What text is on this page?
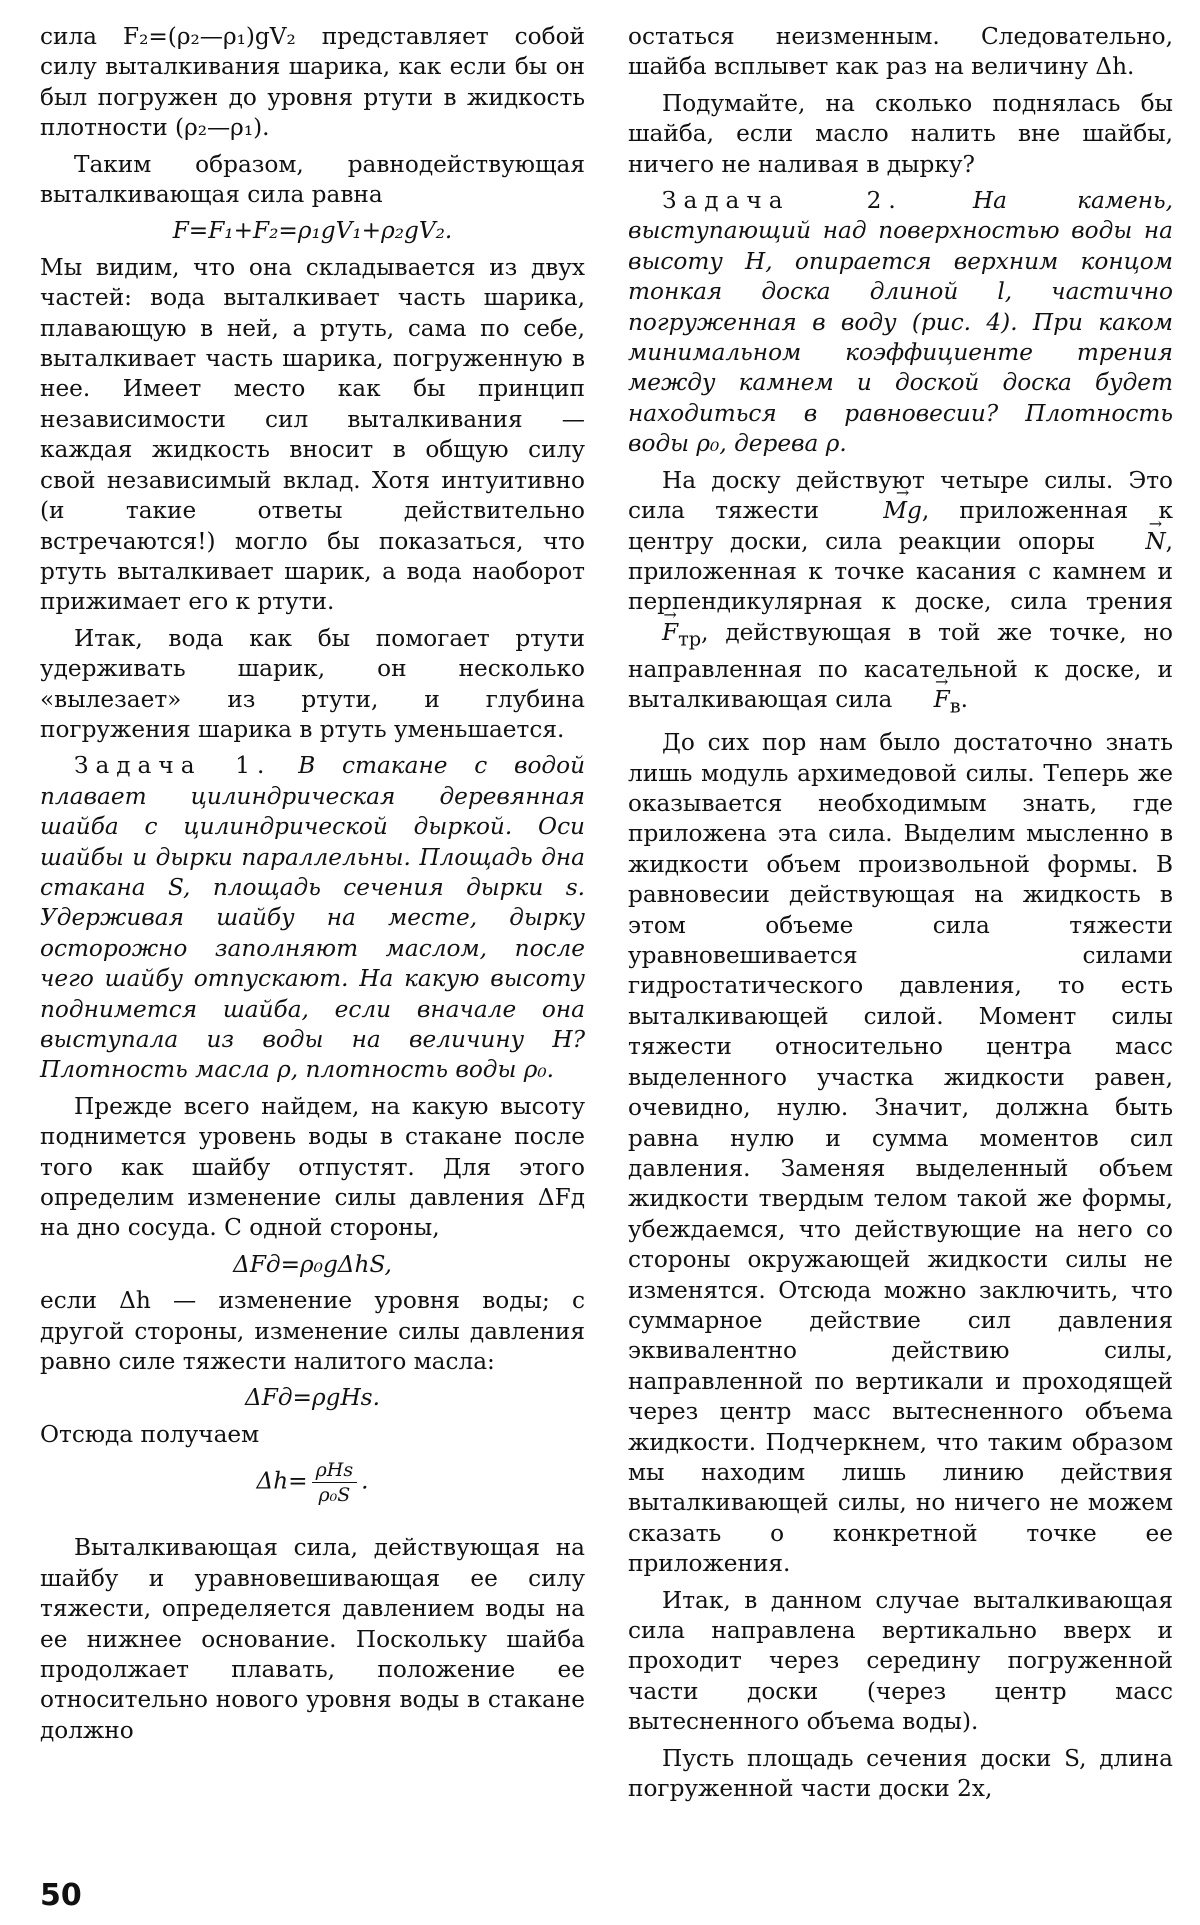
сила F₂=(ρ₂—ρ₁)gV₂ представляет собой силу выталкивания шарика, как если бы он был погружен до уровня ртути в жидкость плотности (ρ₂—ρ₁).

Таким образом, равнодействующая выталкивающая сила равна

F=F₁+F₂=ρ₁gV₁+ρ₂gV₂.

Мы видим, что она складывается из двух частей: вода выталкивает часть шарика, плавающую в ней, а ртуть, сама по себе, выталкивает часть шарика, погруженную в нее. Имеет место как бы принцип независимости сил выталкивания — каждая жидкость вносит в общую силу свой независимый вклад. Хотя интуитивно (и такие ответы действительно встречаются!) могло бы показаться, что ртуть выталкивает шарик, а вода наоборот прижимает его к ртути.

Итак, вода как бы помогает ртути удерживать шарик, он несколько «вылезает» из ртути, и глубина погружения шарика в ртуть уменьшается.

Задача 1. В стакане с водой плавает цилиндрическая деревянная шайба с цилиндрической дыркой. Оси шайбы и дырки параллельны. Площадь дна стакана S, площадь сечения дырки s. Удерживая шайбу на месте, дырку осторожно заполняют маслом, после чего шайбу отпускают. На какую высоту поднимется шайба, если вначале она выступала из воды на величину H? Плотность масла ρ, плотность воды ρ₀.

Прежде всего найдем, на какую высоту поднимется уровень воды в стакане после того как шайбу отпустят. Для этого определим изменение силы давления ΔFд на дно сосуда. С одной стороны,

ΔFд=ρ₀gΔhS,

если Δh — изменение уровня воды; с другой стороны, изменение силы давления равно силе тяжести налитого масла:

ΔFд=ρgHs.

Отсюда получаем

$\Delta h= \frac{\text{ρHs}}{\text{ρ₀S}}$ .

Выталкивающая сила, действующая на шайбу и уравновешивающая ее силу тяжести, определяется давлением воды на ее нижнее основание. Поскольку шайба продолжает плавать, положение ее относительно нового уровня воды в стакане должно

остаться неизменным. Следовательно, шайба всплывет как раз на величину Δh.

Подумайте, на сколько поднялась бы шайба, если масло налить вне шайбы, ничего не наливая в дырку?

Задача 2.	На камень, выступающий над поверхностью воды на высоту H, опирается верхним концом тонкая доска длиной l, частично погруженная в воду (рис. 4). При каком минимальном коэффициенте трения между камнем и доской доска будет находиться в равновесии? Плотность воды ρ₀, дерева ρ.

На доску действуют четыре силы. Это сила тяжести Mg →, приложенная к центру доски, сила реакции опоры N →, приложенная к точке касания с камнем и перпендикулярная к доске, сила трения $F \to_{тр}$, действующая в той же точке, но направленная по касательной к доске, и выталкивающая сила $F \to_в$.

До сих пор нам было достаточно знать лишь модуль архимедовой силы. Теперь же оказывается необходимым знать, где приложена эта сила. Выделим мысленно в жидкости объем произвольной формы. В равновесии действующая на жидкость в этом объеме сила тяжести уравновешивается силами гидростатического давления, то есть выталкивающей силой. Момент силы тяжести относительно центра масс выделенного участка жидкости равен, очевидно, нулю. Значит, должна быть равна нулю и сумма моментов сил давления. Заменяя выделенный объем жидкости твердым телом такой же формы, убеждаемся, что действующие на него со стороны окружающей жидкости силы не изменятся. Отсюда можно заключить, что суммарное действие сил давления эквивалентно действию силы, направленной по вертикали и проходящей через центр масс вытесненного объема жидкости. Подчеркнем, что таким образом мы находим лишь линию действия выталкивающей силы, но ничего не можем сказать о конкретной точке ее приложения.

Итак, в данном случае выталкивающая сила направлена вертикально вверх и проходит через середину погруженной части доски (через центр масс вытесненного объема воды).

Пусть площадь сечения доски S, длина погруженной части доски 2x,

50
